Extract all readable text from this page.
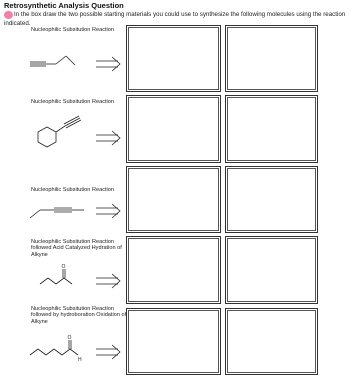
Retrosynthetic Analysis Question
In the box draw the two possible starting materials you could use to synthesize the following molecules using the reaction indicated.
Nucleophilic Subsitution Reaction
Nucleophilic Subsitution Reaction
Nucleophilic Subsitution Reaction
Nucleophilic Subsitution Reaction followed Acid Catalyzed Hydration of Alkyne
O
Nucleophilic Subsitution Reaction followed by hydroboration Oxidation of Alkyne
O
H
